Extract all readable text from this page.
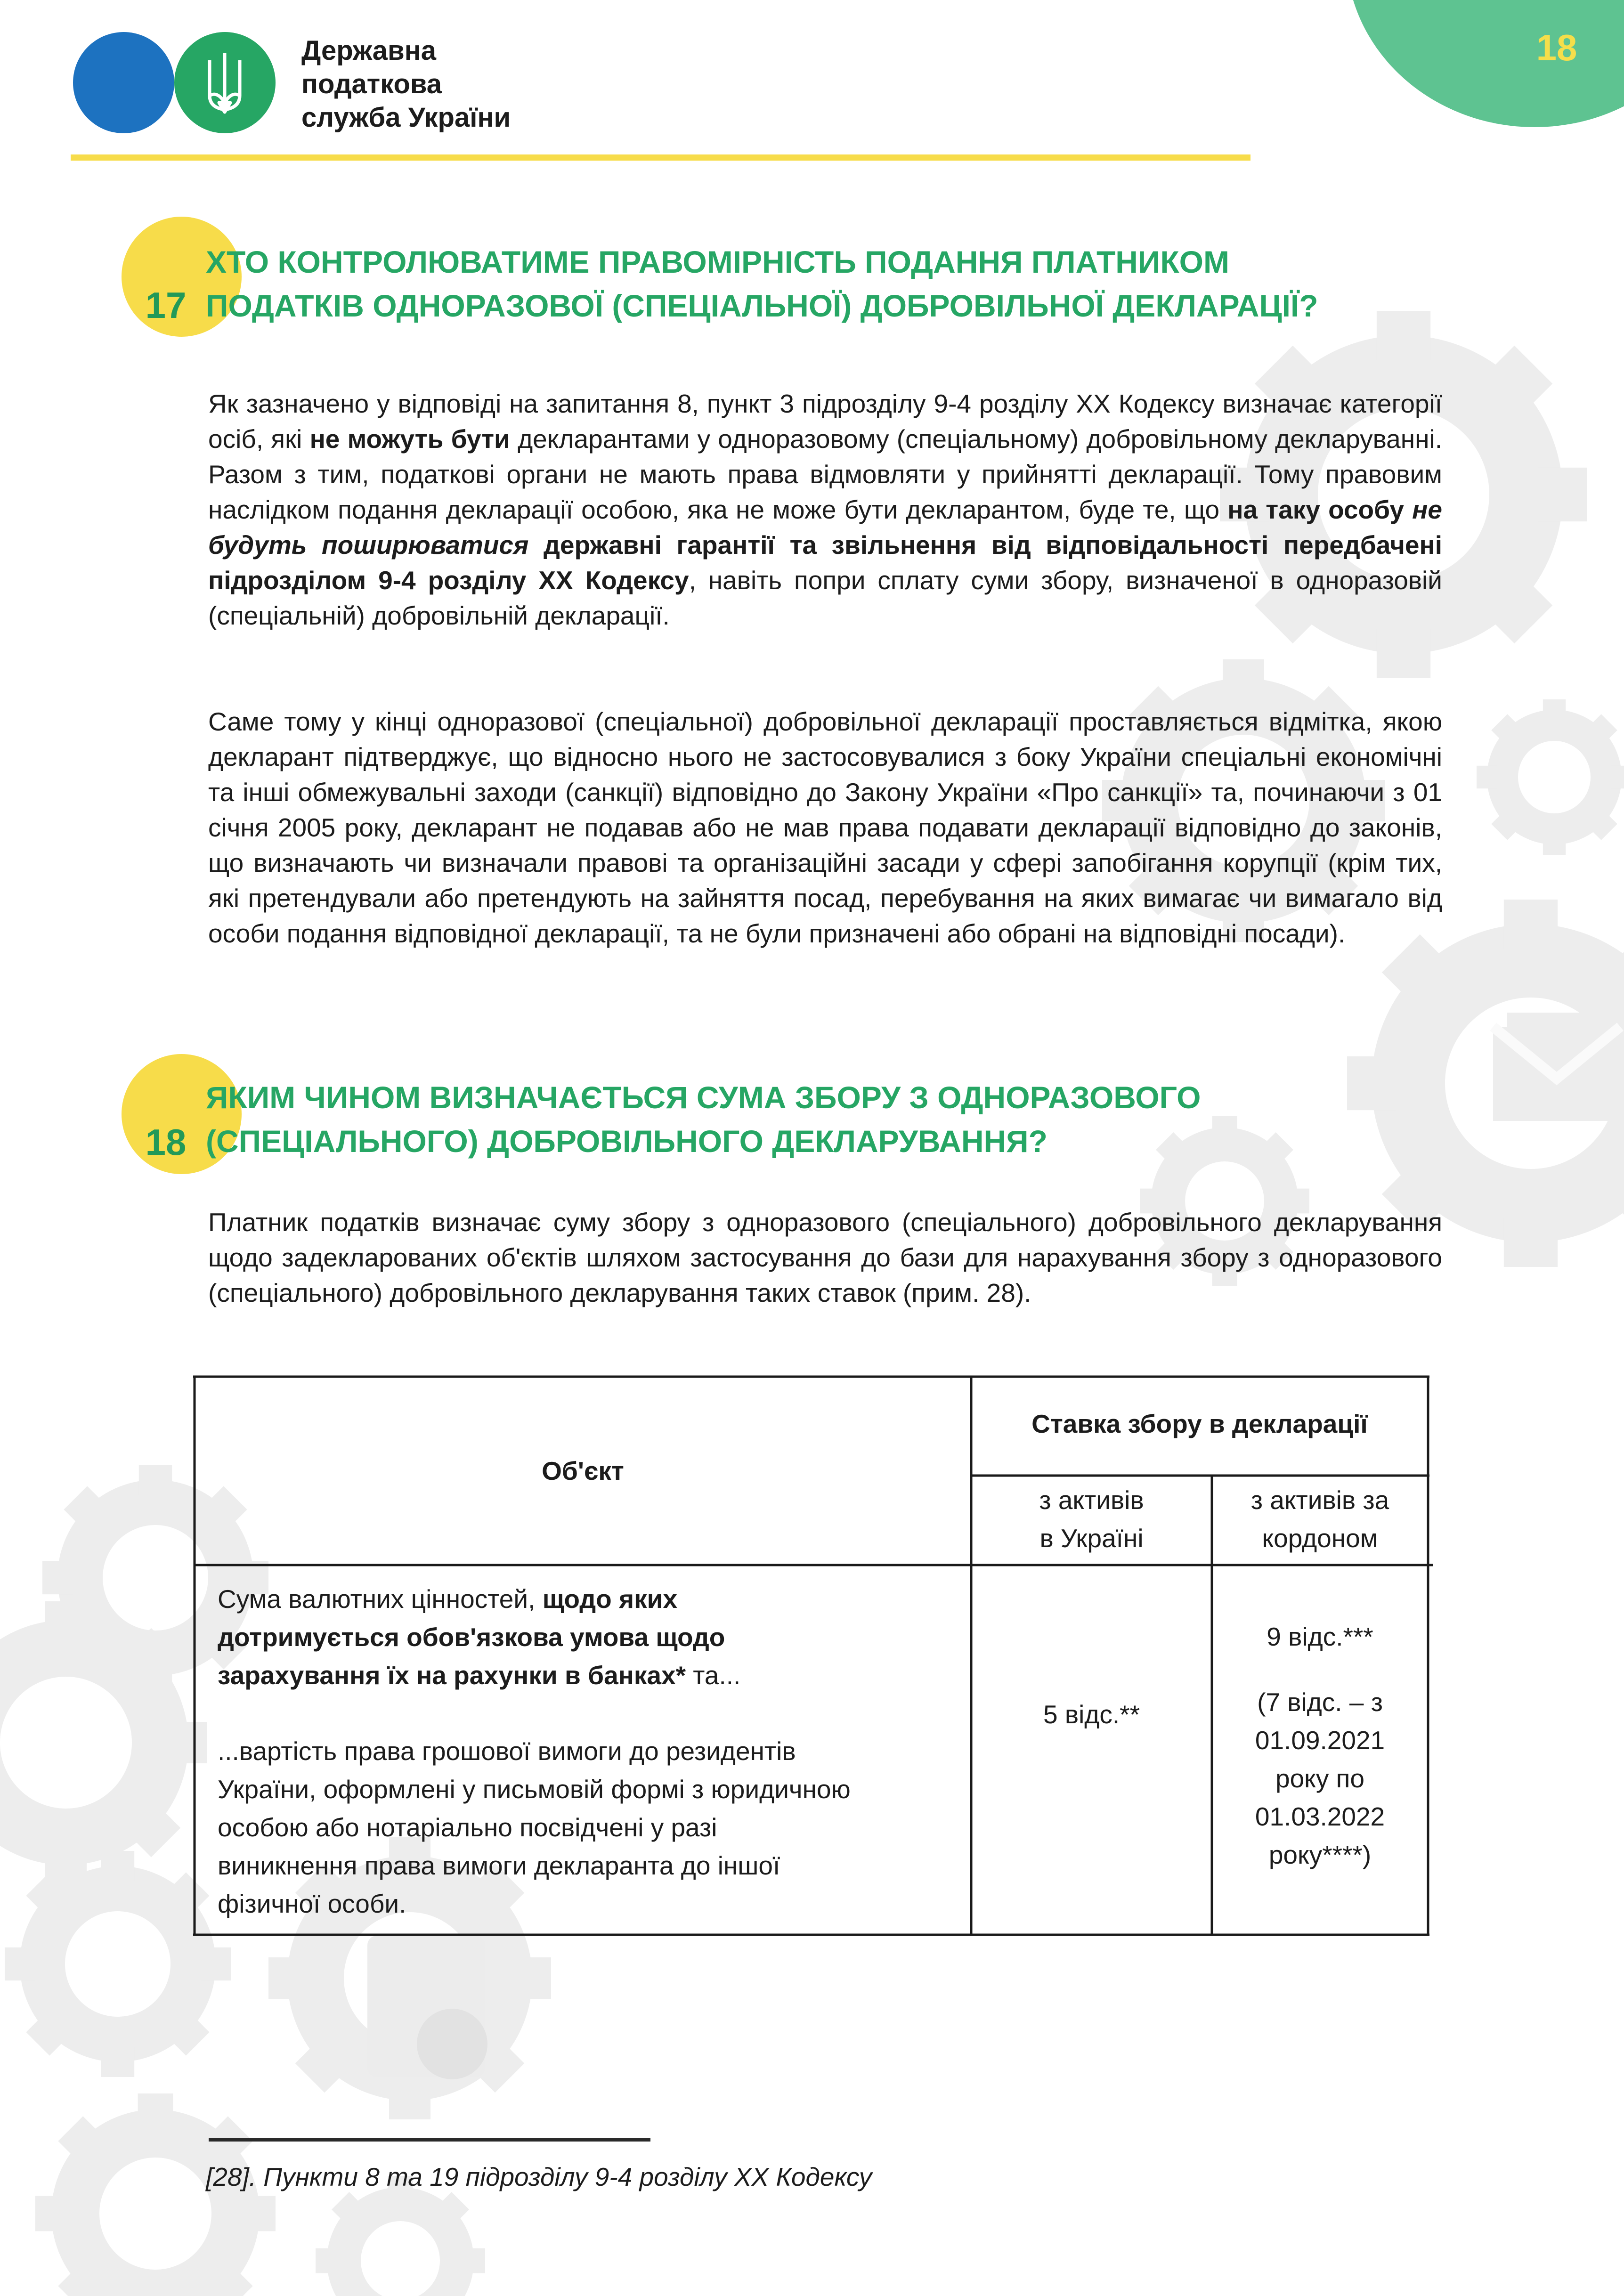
18
Державна
податкова
служба України
17
ХТО КОНТРОЛЮВАТИМЕ ПРАВОМІРНІСТЬ ПОДАННЯ ПЛАТНИКОМ
ПОДАТКІВ ОДНОРАЗОВОЇ (СПЕЦІАЛЬНОЇ) ДОБРОВІЛЬНОЇ ДЕКЛАРАЦІЇ?
Як зазначено у відповіді на запитання 8, пункт 3 підрозділу 9-4 розділу ХХ Кодексу визначає категорії осіб, які не можуть бути декларантами у одноразовому (спеціальному) добровільному декларуванні. Разом з тим, податкові органи не мають права відмовляти у прийнятті декларації. Тому правовим наслідком подання декларації особою, яка не може бути декларантом, буде те, що на таку особу не будуть поширюватися державні гарантії та звільнення від відповідальності передбачені підрозділом 9-4 розділу ХХ Кодексу, навіть попри сплату суми збору, визначеної в одноразовій (спеціальній) добровільній декларації.
Саме тому у кінці одноразової (спеціальної) добровільної декларації проставляється відмітка, якою декларант підтверджує, що відносно нього не застосовувалися з боку України спеціальні економічні та інші обмежувальні заходи (санкції) відповідно до Закону України «Про санкції» та, починаючи з 01 січня 2005 року, декларант не подавав або не мав права подавати декларації відповідно до законів, що визначають чи визначали правові та організаційні засади у сфері запобігання корупції (крім тих, які претендували або претендують на зайняття посад, перебування на яких вимагає чи вимагало від особи подання відповідної декларації, та не були призначені або обрані на відповідні посади).
18
ЯКИМ ЧИНОМ ВИЗНАЧАЄТЬСЯ СУМА ЗБОРУ З ОДНОРАЗОВОГО
(СПЕЦІАЛЬНОГО) ДОБРОВІЛЬНОГО ДЕКЛАРУВАННЯ?
Платник податків визначає суму збору з одноразового (спеціального) добровільного декларування щодо задекларованих об'єктів шляхом застосування до бази для нарахування збору з одноразового (спеціального) добровільного декларування таких ставок (прим. 28).
Об'єкт
Ставка збору в декларації
з активів
в Україні
з активів за
кордоном
Сума валютних цінностей, щодо яких
дотримується обов'язкова умова щодо
зарахування їх на рахунки в банках* та...
...вартість права грошової вимоги до резидентів
України, оформлені у письмовій формі з юридичною
особою або нотаріально посвідчені у разі
виникнення права вимоги декларанта до іншої
фізичної особи.
5 відс.**
9 відс.***
(7 відс. – з
01.09.2021
року по
01.03.2022
року****)
[28]. Пункти 8 та 19 підрозділу 9-4 розділу ХХ Кодексу
